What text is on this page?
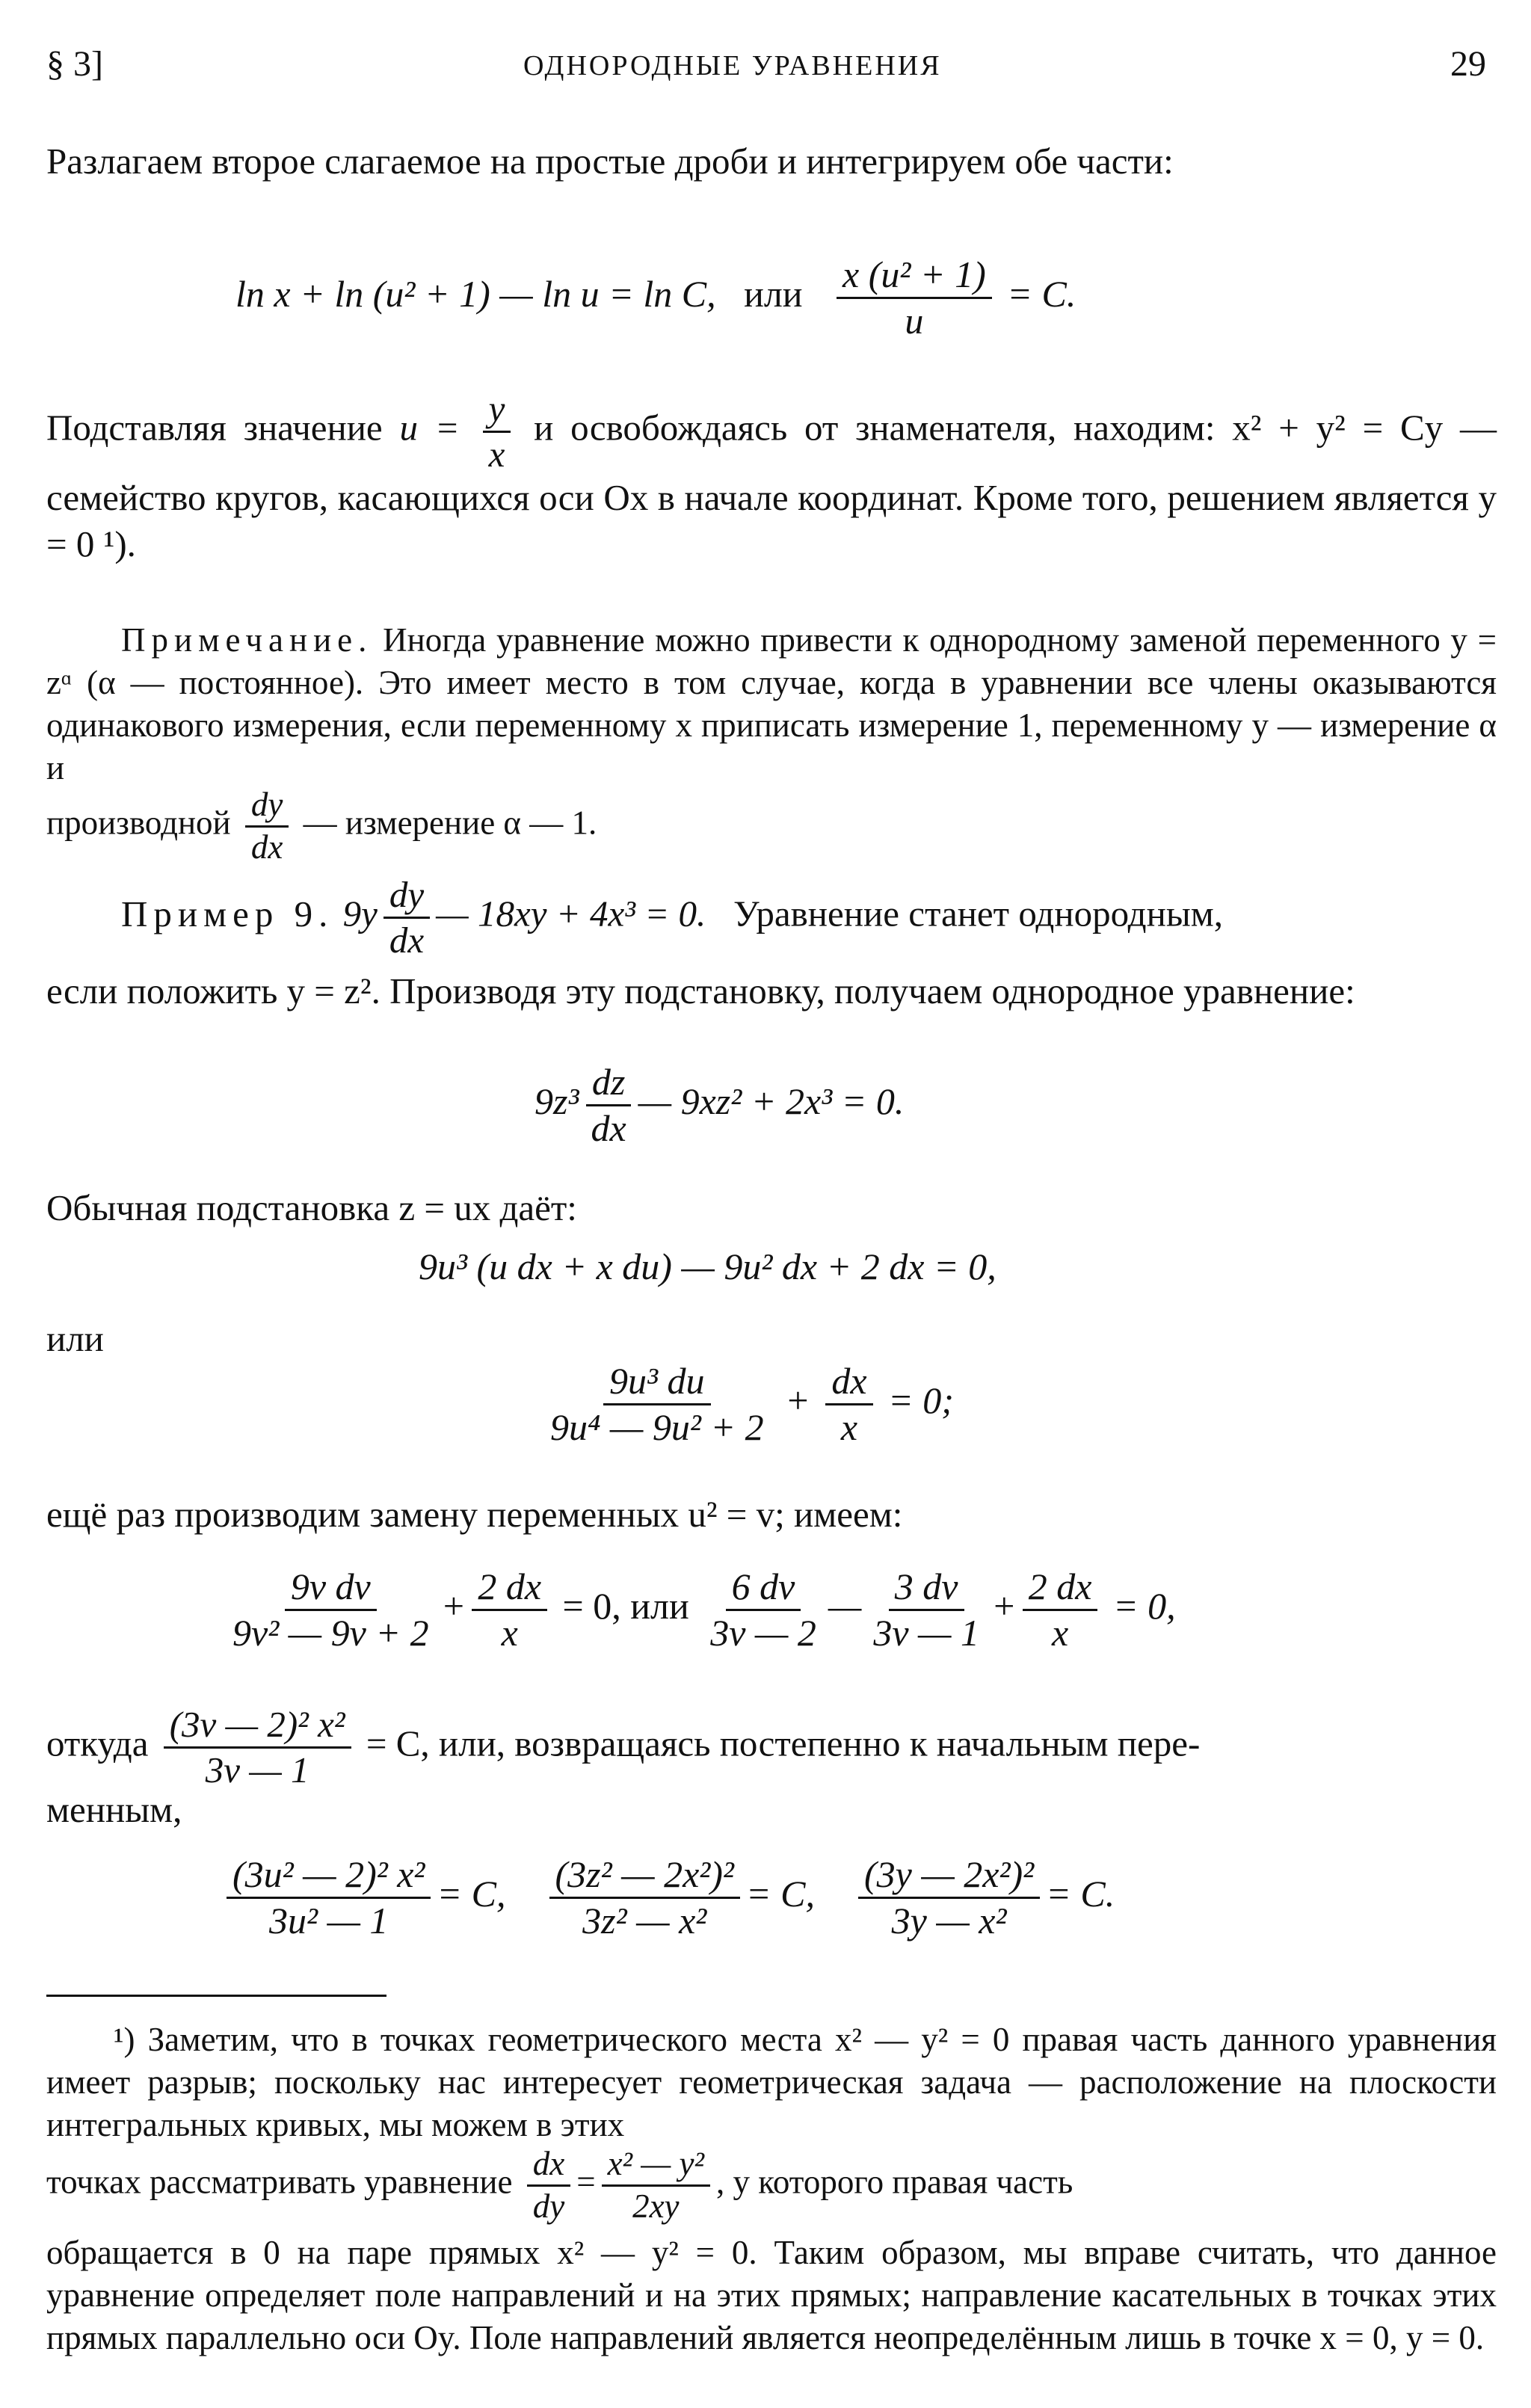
§ 3]	ОДНОРОДНЫЕ УРАВНЕНИЯ	29
Разлагаем второе слагаемое на простые дроби и интегрируем обе части:
ln x + ln (u² + 1) — ln u = ln C, или $\frac{\text{x (u² + 1)}}{u} = C$.
Подставляя значение $u = \frac{y}{x}$ и освобождаясь от знаменателя, находим: x² + y² = Cy — семейство кругов, касающихся оси Ox в начале координат. Кроме того, решением является y = 0 ¹).
Примечание. Иногда уравнение можно привести к однородному заменой переменного y = zᵅ (α — постоянное). Это имеет место в том случае, когда в уравнении все члены оказываются одинакового измерения, если переменному x приписать измерение 1, переменному y — измерение α и
производной $\frac{dy}{dx}$ — измерение α — 1.
Пример 9. $9y \frac{dy}{dx}$ — 18xy + 4x³ = 0. Уравнение станет однородным,
если положить y = z². Производя эту подстановку, получаем однородное уравнение:
$9z^3 \frac{dz}{dx}$ — 9xz² + 2x³ = 0.
Обычная подстановка z = ux даёт:
9u³ (u dx + x du) — 9u² dx + 2 dx = 0,
или
$\frac{\text{9u³ du}}{\text{9u⁴ — 9u² + 2}} + \frac{dx}{x} = 0$;
ещё раз производим замену переменных u² = v; имеем:
$\frac{\text{9v dv}}{\text{9v² — 9v + 2}} + \frac{2 dx}{x} = 0$, или $\frac{6 dv}{3v — 2}$ — $\frac{3 dv}{3v — 1} + \frac{2 dx}{x} = 0$,
откуда $\frac{\text{(3v — 2)² x²}}{3v — 1} = C$, или, возвращаясь постепенно к начальным пере-
менным,
$\frac{\text{(3u² — 2)² x²}}{\text{3u² — 1}} = C$, $\frac{\text{(3z² — 2x²)²}}{\text{3z² — x²}} = C$, $\frac{\text{(3y — 2x²)²}}{\text{3y — x²}} = C$.
¹) Заметим, что в точках геометрического места x² — y² = 0 правая часть данного уравнения имеет разрыв; поскольку нас интересует геометрическая задача — расположение на плоскости интегральных кривых, мы можем в этих
точках рассматривать уравнение $\frac{dx}{dy} = \frac{\text{x² — y²}}{2xy}$ , у которого правая часть
обращается в 0 на паре прямых x² — y² = 0. Таким образом, мы вправе считать, что данное уравнение определяет поле направлений и на этих прямых; направление касательных в точках этих прямых параллельно оси Oy. Поле направлений является неопределённым лишь в точке x = 0, y = 0.
